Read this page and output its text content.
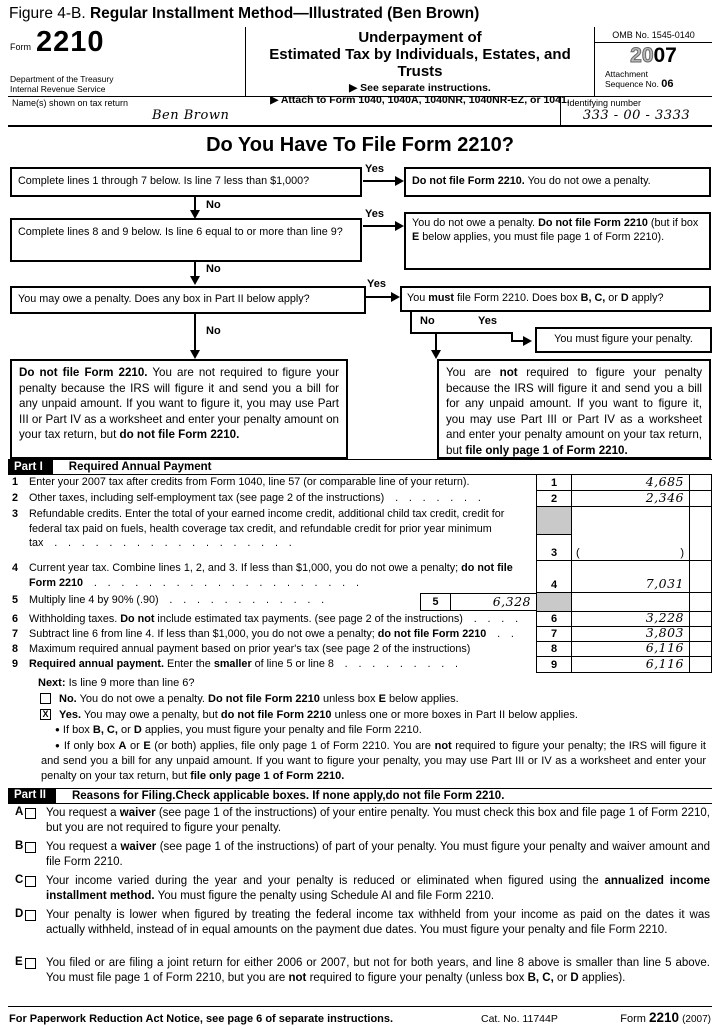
Figure 4-B. Regular Installment Method—Illustrated (Ben Brown)
Form 2210
Department of the Treasury
Internal Revenue Service
Underpayment of
Estimated Tax by Individuals, Estates, and Trusts
▶ See separate instructions.
▶ Attach to Form 1040, 1040A, 1040NR, 1040NR-EZ, or 1041.
OMB No. 1545-0140
2007
Attachment
Sequence No. 06
Name(s) shown on tax return
Ben Brown
Identifying number
333 - 00 - 3333
Do You Have To File Form 2210?
Complete lines 1 through 7 below. Is line 7 less than $1,000?
Yes
Do not file Form 2210. You do not owe a penalty.
No
Complete lines 8 and 9 below. Is line 6 equal to or more than line 9?
Yes
You do not owe a penalty. Do not file Form 2210 (but if box E below applies, you must file page 1 of Form 2210).
No
You may owe a penalty. Does any box in Part II below apply?
Yes
You must file Form 2210. Does box B, C, or D apply?
No	Yes
You must figure your penalty.
No
Do not file Form 2210. You are not required to figure your penalty because the IRS will figure it and send you a bill for any unpaid amount. If you want to figure it, you may use Part III or Part IV as a worksheet and enter your penalty amount on your tax return, but do not file Form 2210.
You are not required to figure your penalty because the IRS will figure it and send you a bill for any unpaid amount. If you want to figure it, you may use Part III or Part IV as a worksheet and enter your penalty amount on your tax return, but file only page 1 of Form 2210.
Part I	Required Annual Payment
1	Enter your 2007 tax after credits from Form 1040, line 57 (or comparable line of your return).	1	4,685
2	Other taxes, including self-employment tax (see page 2 of the instructions)  .  .  .  .  .  .  .	2	2,346
3	Refundable credits. Enter the total of your earned income credit, additional child tax credit, credit for federal tax paid on fuels, health coverage tax credit, and refundable credit for prior year minimum tax  .  .  .  .  .  .  .  .  .  .  .  .  .  .  .  .  .  .
3	(	)
4	Current year tax. Combine lines 1, 2, and 3. If less than $1,000, you do not owe a penalty; do not file Form 2210  .  .  .  .  .  .  .  .  .  .  .  .  .  .  .  .  .  .  .  .	4	7,031
5	Multiply line 4 by 90% (.90)  .  .  .  .  .  .  .  .  .  .  .  .	5	6,328
6	Withholding taxes. Do not include estimated tax payments. (see page 2 of the instructions)  .  .  .  .	6	3,228
7	Subtract line 6 from line 4. If less than $1,000, you do not owe a penalty; do not file Form 2210  .  .	7	3,803
8	Maximum required annual payment based on prior year's tax (see page 2 of the instructions)	8	6,116
9	Required annual payment. Enter the smaller of line 5 or line 8  .  .  .  .  .  .  .  .  .	9	6,116
Next: Is line 9 more than line 6?
No. You do not owe a penalty. Do not file Form 2210 unless box E below applies.
X Yes. You may owe a penalty, but do not file Form 2210 unless one or more boxes in Part II below applies.
● If box B, C, or D applies, you must figure your penalty and file Form 2210.
● If only box A or E (or both) applies, file only page 1 of Form 2210. You are not required to figure your penalty; the IRS will figure it and send you a bill for any unpaid amount. If you want to figure your penalty, you may use Part III or IV as a worksheet and enter your penalty on your tax return, but file only page 1 of Form 2210.
Part II	Reasons for Filing. Check applicable boxes. If none apply, do not file Form 2210.
A You request a waiver (see page 1 of the instructions) of your entire penalty. You must check this box and file page 1 of Form 2210, but you are not required to figure your penalty.
B You request a waiver (see page 1 of the instructions) of part of your penalty. You must figure your penalty and waiver amount and file Form 2210.
C Your income varied during the year and your penalty is reduced or eliminated when figured using the annualized income installment method. You must figure the penalty using Schedule AI and file Form 2210.
D Your penalty is lower when figured by treating the federal income tax withheld from your income as paid on the dates it was actually withheld, instead of in equal amounts on the payment due dates. You must figure your penalty and file Form 2210.
E You filed or are filing a joint return for either 2006 or 2007, but not for both years, and line 8 above is smaller than line 5 above. You must file page 1 of Form 2210, but you are not required to figure your penalty (unless box B, C, or D applies).
For Paperwork Reduction Act Notice, see page 6 of separate instructions.	Cat. No. 11744P	Form 2210 (2007)
